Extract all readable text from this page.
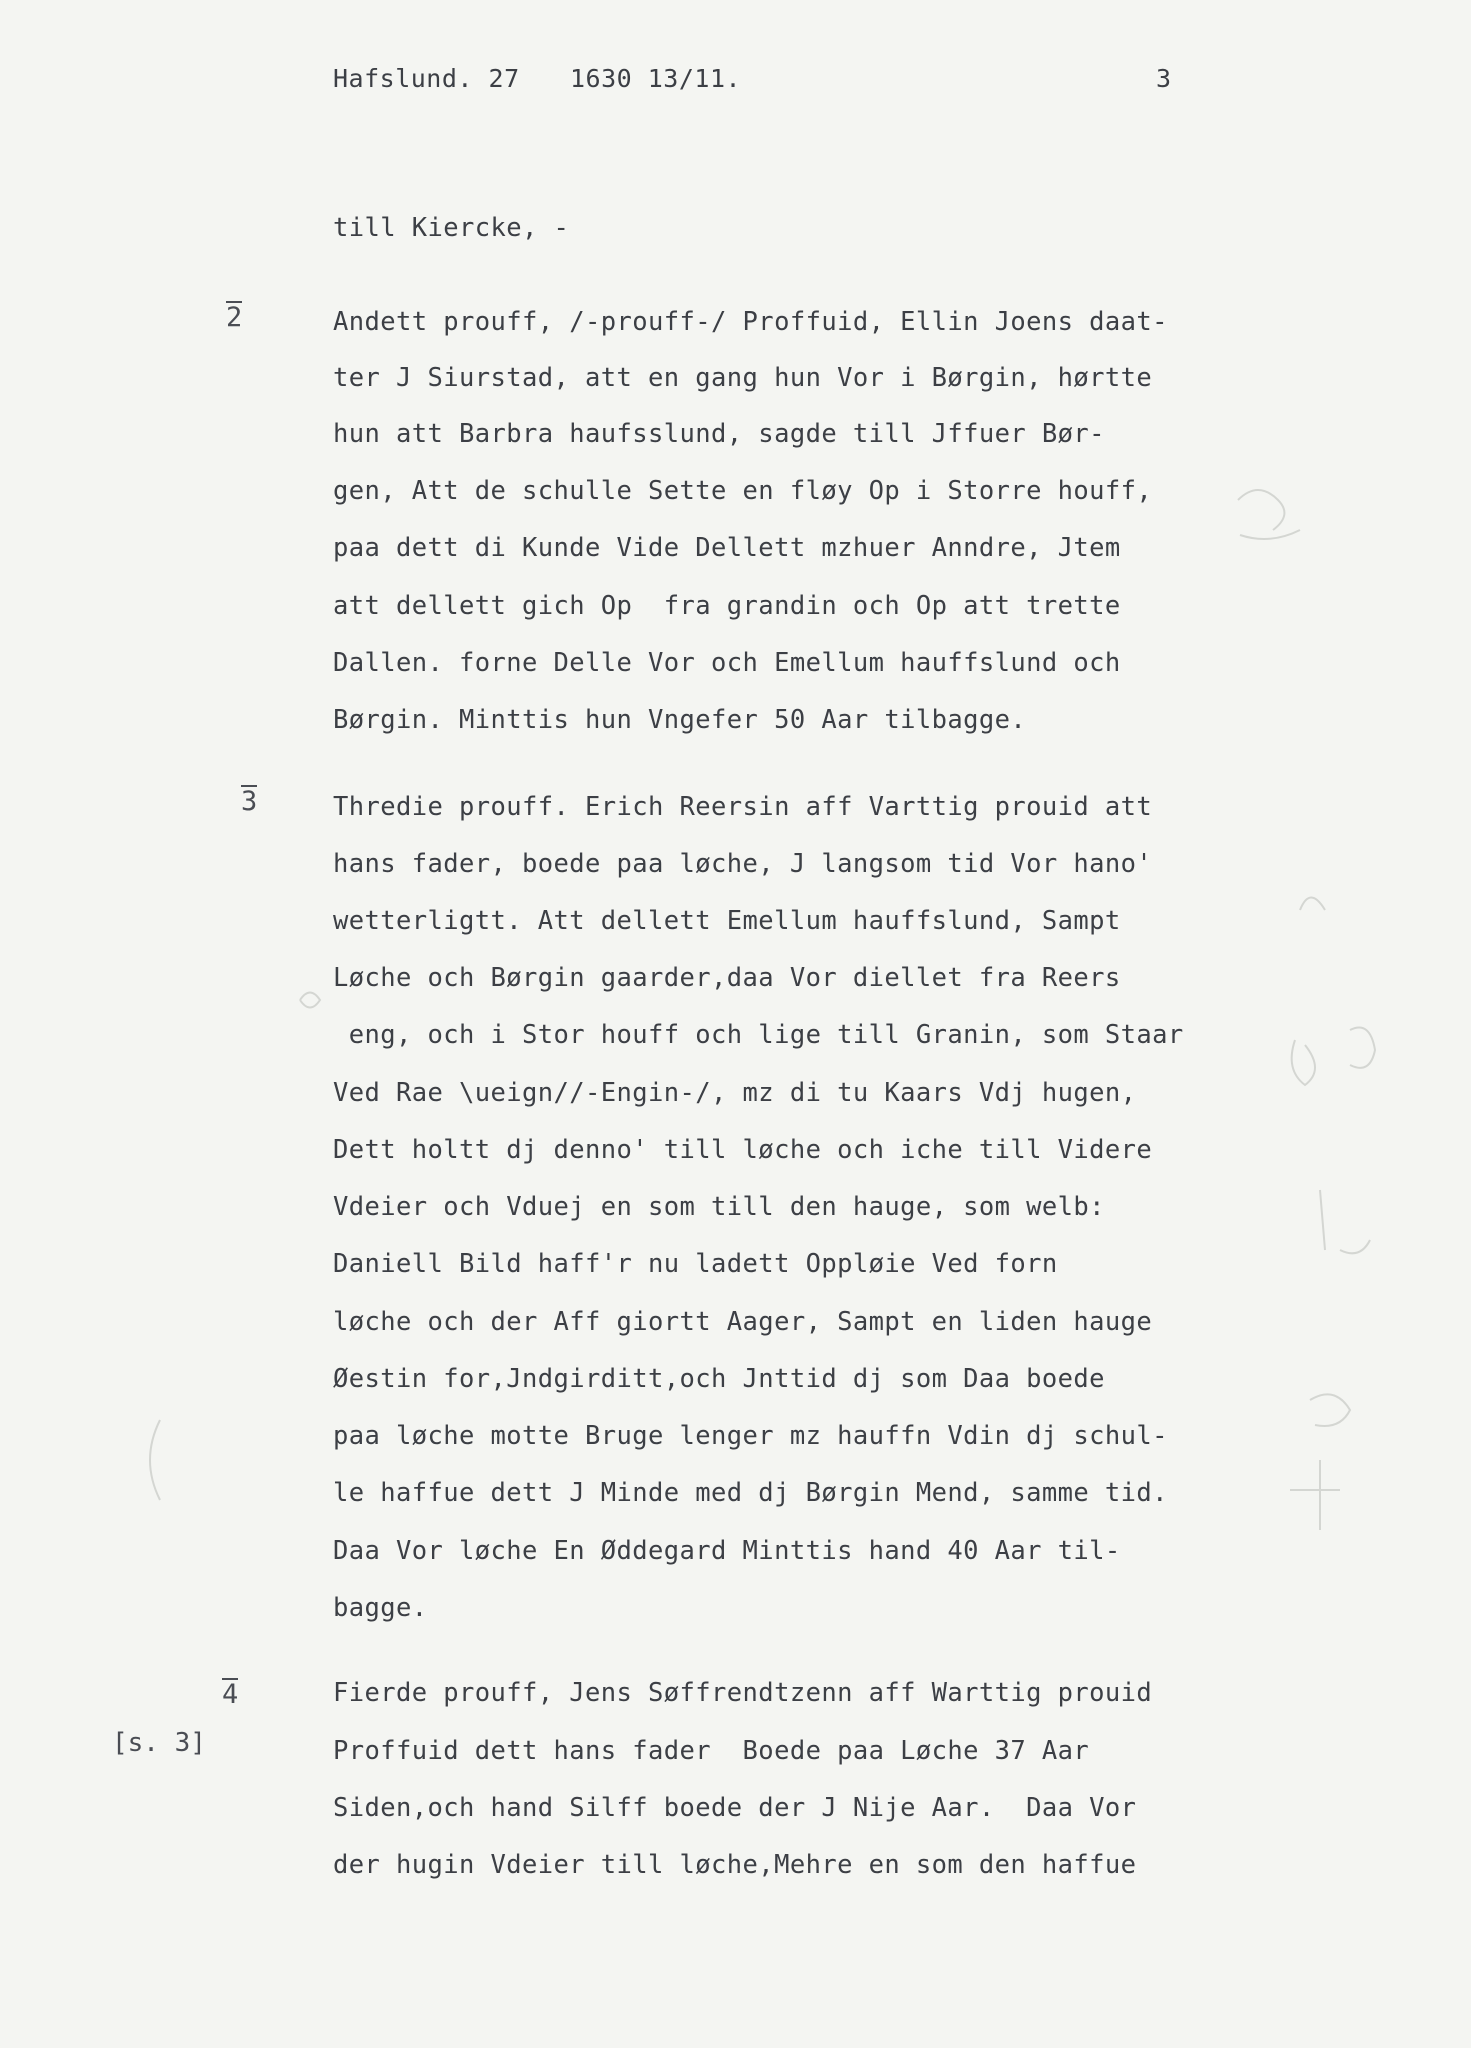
Hafslund. 27 1630 13/11.	3
till Kiercke, -
2	Andett prouff, /-prouff-/ Proffuid, Ellin Joens daat-
ter J Siurstad, att en gang hun Vor i Børgin, hørtte
hun att Barbra haufsslund, sagde till Jffuer Bør-
gen, Att de schulle Sette en fløy Op i Storre houff,
paa dett di Kunde Vide Dellett mzhuer Anndre, Jtem
att dellett gich Op  fra grandin och Op att trette
Dallen. forne Delle Vor och Emellum hauffslund och
Børgin. Minttis hun Vngefer 50 Aar tilbagge.
3	Thredie prouff. Erich Reersin aff Varttig prouid att
hans fader, boede paa løche, J langsom tid Vor hano'
wetterligtt. Att dellett Emellum hauffslund, Sampt
Løche och Børgin gaarder,daa Vor diellet fra Reers
eng, och i Stor houff och lige till Granin, som Staar
Ved Rae \ueign//-Engin-/, mz di tu Kaars Vdj hugen,
Dett holtt dj denno' till løche och iche till Videre
Vdeier och Vduej en som till den hauge, som welb:
Daniell Bild haff'r nu ladett Oppløie Ved forn
løche och der Aff giortt Aager, Sampt en liden hauge
Øestin for,Jndgirditt,och Jnttid dj som Daa boede
paa løche motte Bruge lenger mz hauffn Vdin dj schul-
le haffue dett J Minde med dj Børgin Mend, samme tid.
Daa Vor løche En Øddegard Minttis hand 40 Aar til-
bagge.
4
[s. 3]
Fierde prouff, Jens Søffrendtzenn aff Warttig prouid
Proffuid dett hans fader  Boede paa Løche 37 Aar
Siden,och hand Silff boede der J Nije Aar.  Daa Vor
der hugin Vdeier till løche,Mehre en som den haffue
